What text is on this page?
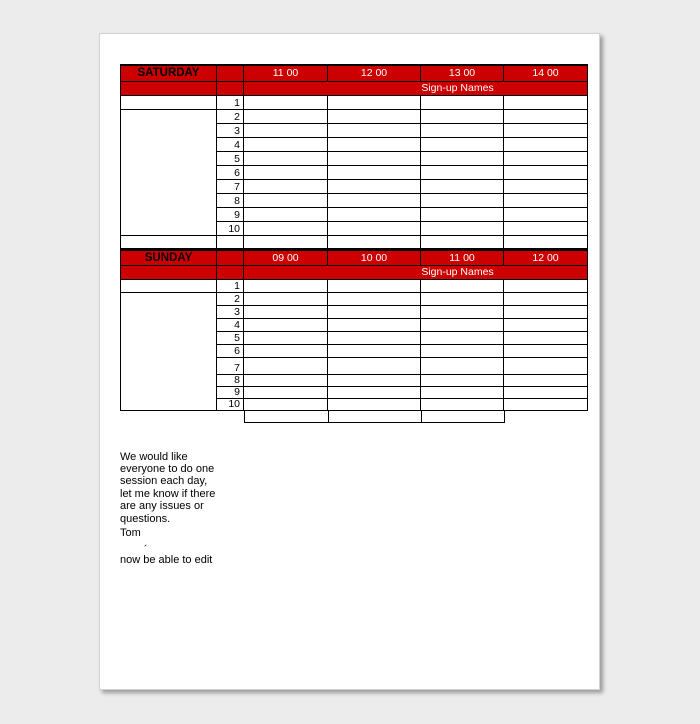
SATURDAY		11 00	12 00	13 00	14 00

		Sign-up Names			

	1				
	2				
	3				
	4				
	5				
	6				
	7				
	8				
	9				
	10				

SUNDAY		09 00	10 00	11 00	12 00

		Sign-up Names			

	1				
	2				
	3				
	4				
	5				
	6				
	7				
	8				
	9				
	10				

We would like
everyone to do one
session each day,
let me know if there
are any issues or
questions.
Tom
´
now be able to edit
